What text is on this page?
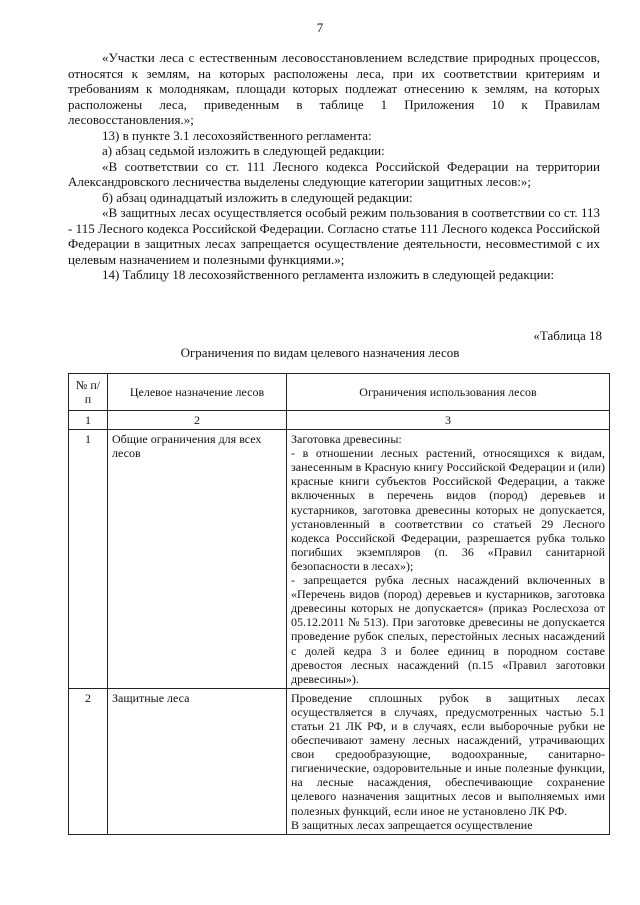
7

«Участки леса с естественным лесовосстановлением вследствие природных процессов, относятся к землям, на которых расположены леса, при их соответствии критериям и требованиям к молоднякам, площади которых подлежат отнесению к землям, на которых расположены леса, приведенным в таблице 1 Приложения 10 к Правилам лесовосстановления.»;

13) в пункте 3.1 лесохозяйственного регламента:

а) абзац седьмой изложить в следующей редакции:

«В соответствии со ст. 111 Лесного кодекса Российской Федерации на территории Александровского лесничества выделены следующие категории защитных лесов:»;

б) абзац одинадцатый изложить в следующей редакции:

«В защитных лесах осуществляется особый режим пользования в соответствии со ст. 113 - 115 Лесного кодекса Российской Федерации. Согласно статье 111 Лесного кодекса Российской Федерации в защитных лесах запрещается осуществление деятельности, несовместимой с их целевым назначением и полезными функциями.»;

14) Таблицу 18 лесохозяйственного регламента изложить в следующей редакции:

«Таблица 18
Ограничения по видам целевого назначения лесов
№ п/п	Целевое назначение лесов	Ограничения использования лесов
1	2	3
1	Общие ограничения для всех лесов	Заготовка древесины:

- в отношении лесных растений, относящихся к видам, занесенным в Красную книгу Российской Федерации и (или) красные книги субъектов Российской Федерации, а также включенных в перечень видов (пород) деревьев и кустарников, заготовка древесины которых не допускается, установленный в соответствии со статьей 29 Лесного кодекса Российской Федерации, разрешается рубка только погибших экземпляров (п. 36 «Правил санитарной безопасности в лесах»);

- запрещается рубка лесных насаждений включенных в «Перечень видов (пород) деревьев и кустарников, заготовка древесины которых не допускается» (приказ Рослесхоза от 05.12.2011 № 513). При заготовке древесины не допускается проведение рубок спелых, перестойных лесных насаждений с долей кедра 3 и более единиц в породном составе древостоя лесных насаждений (п.15 «Правил заготовки древесины»).

2	Защитные леса	Проведение сплошных рубок в защитных лесах осуществляется в случаях, предусмотренных частью 5.1 статьи 21 ЛК РФ, и в случаях, если выборочные рубки не обеспечивают замену лесных насаждений, утрачивающих свои средообразующие, водоохранные, санитарно-гигиенические, оздоровительные и иные полезные функции, на лесные насаждения, обеспечивающие сохранение целевого назначения защитных лесов и выполняемых ими полезных функций, если иное не установлено ЛК РФ.

В защитных лесах запрещается осуществление
